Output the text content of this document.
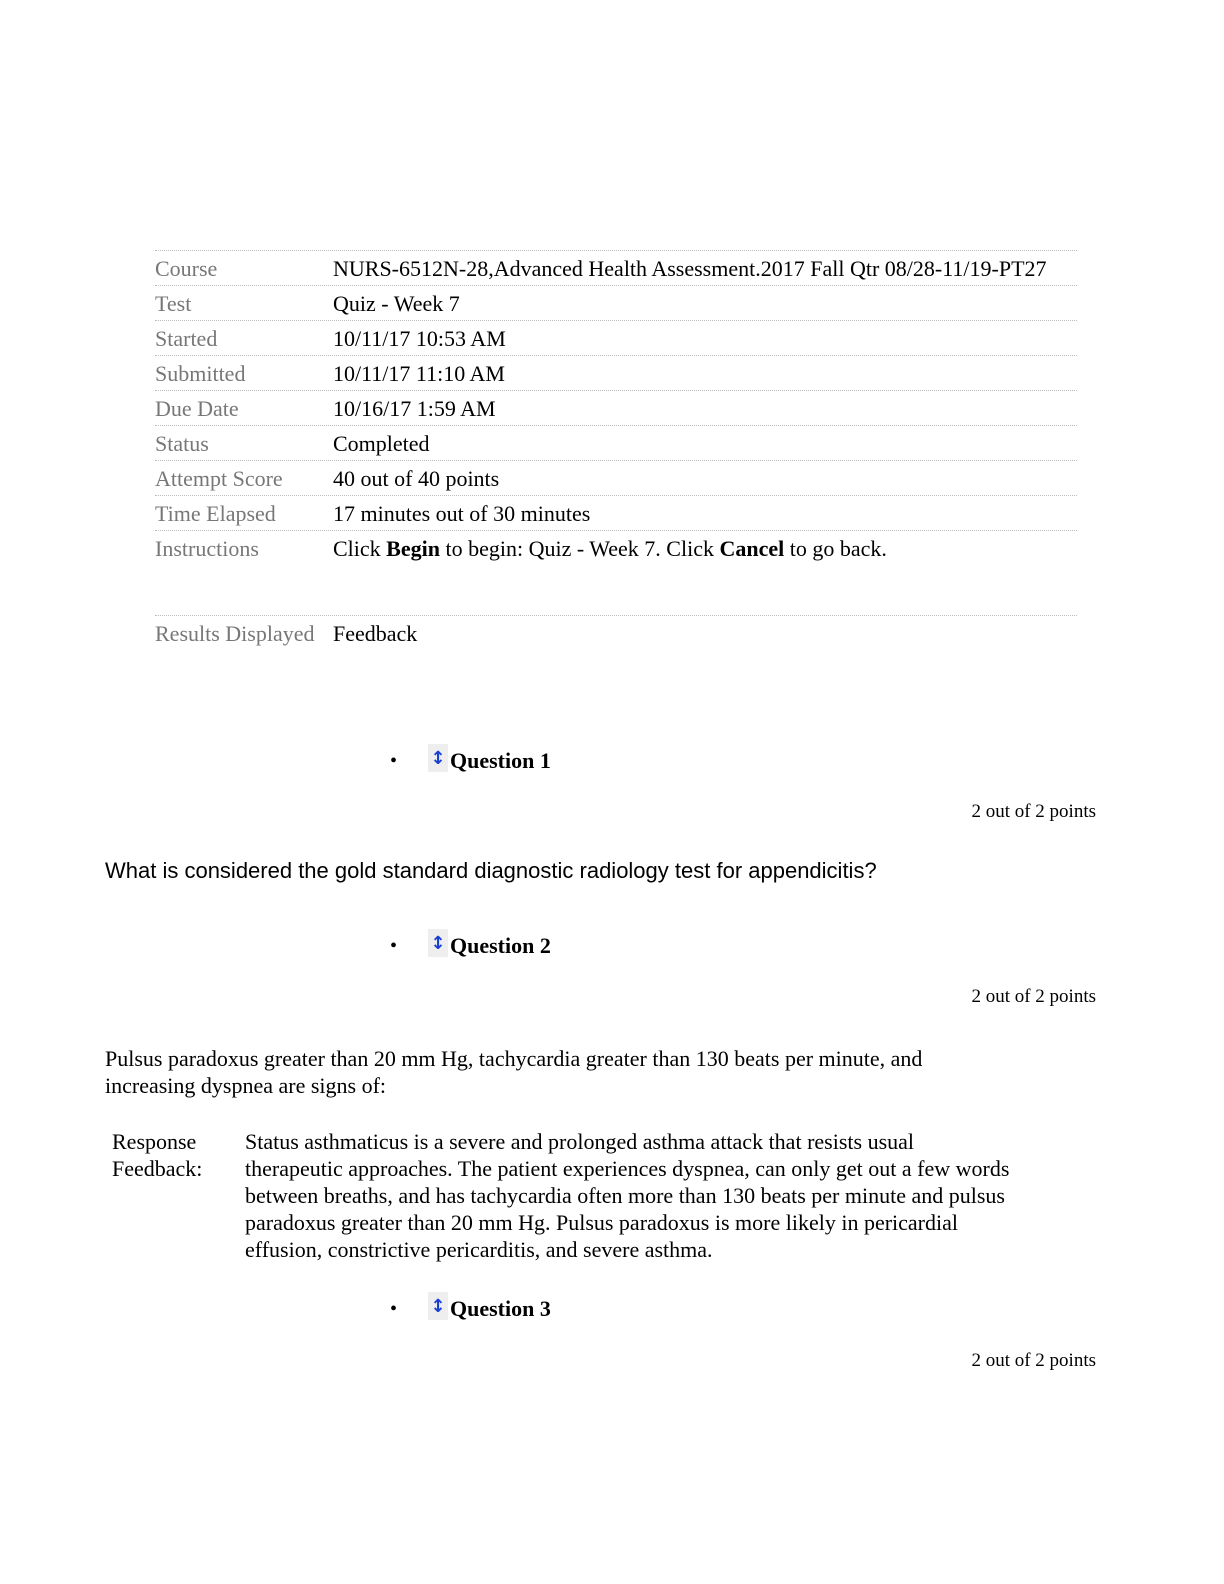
Course	NURS-6512N-28,Advanced Health Assessment.2017 Fall Qtr 08/28-11/19-PT27
Test	Quiz - Week 7
Started	10/11/17 10:53 AM
Submitted	10/11/17 11:10 AM
Due Date	10/16/17 1:59 AM
Status	Completed
Attempt Score	40 out of 40 points
Time Elapsed	17 minutes out of 30 minutes
Instructions	Click Begin to begin: Quiz - Week 7. Click Cancel to go back.
Results Displayed Feedback
•	↕ Question 1
2 out of 2 points
What is considered the gold standard diagnostic radiology test for appendicitis?
•	↕ Question 2
2 out of 2 points
Pulsus paradoxus greater than 20 mm Hg, tachycardia greater than 130 beats per minute, and increasing dyspnea are signs of:
Response Feedback:
Status asthmaticus is a severe and prolonged asthma attack that resists usual therapeutic approaches. The patient experiences dyspnea, can only get out a few words between breaths, and has tachycardia often more than 130 beats per minute and pulsus paradoxus greater than 20 mm Hg. Pulsus paradoxus is more likely in pericardial effusion, constrictive pericarditis, and severe asthma.
•	↕ Question 3
2 out of 2 points
